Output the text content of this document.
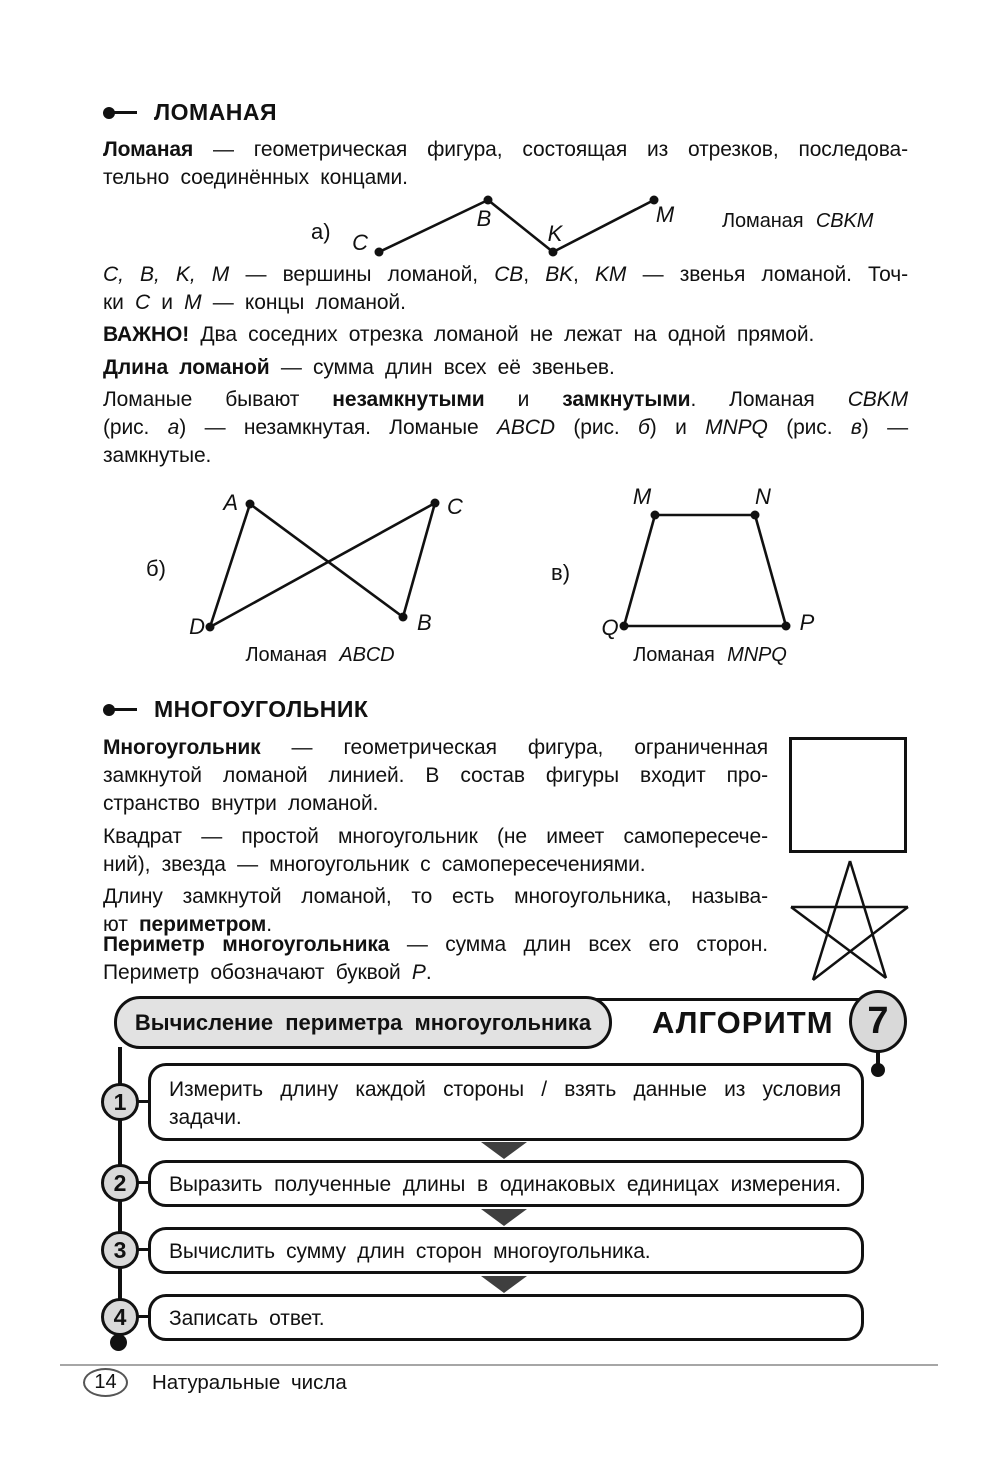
ЛОМАНАЯ
Ломаная — геометрическая фигура, состоящая из отрезков, последова-
тельно соединённых концами.
а) C
B
K
M Ломаная CBKM
C, B, K, M — вершины ломаной, CB, BK, KM — звенья ломаной. Точ-
ки C и M — концы ломаной.
ВАЖНО! Два соседних отрезка ломаной не лежат на одной прямой.
Длина ломаной — сумма длин всех её звеньев.
Ломаные бывают незамкнутыми и замкнутыми. Ломаная CBKM
(рис. а) — незамкнутая. Ломаные ABCD (рис. б) и MNPQ (рис. в) —
замкнутые.
б)
A	C
D	B
Ломаная ABCD
в)
M	N
Q	P
Ломаная MNPQ
МНОГОУГОЛЬНИК
Многоугольник — геометрическая фигура, ограниченная
замкнутой ломаной линией. В состав фигуры входит про-
странство внутри ломаной.
Квадрат — простой многоугольник (не имеет самопересече-
ний), звезда — многоугольник с самопересечениями.
Длину замкнутой ломаной, то есть многоугольника, называ-
ют периметром.
Периметр многоугольника — сумма длин всех его сторон.
Периметр обозначают буквой P.
Вычисление периметра многоугольника	АЛГОРИТМ 7
1
2
3
4
Измерить длину каждой стороны / взять данные из условия
задачи.
Выразить полученные длины в одинаковых единицах измерения.
Вычислить сумму длин сторон многоугольника.
Записать ответ.
14	Натуральные числа
